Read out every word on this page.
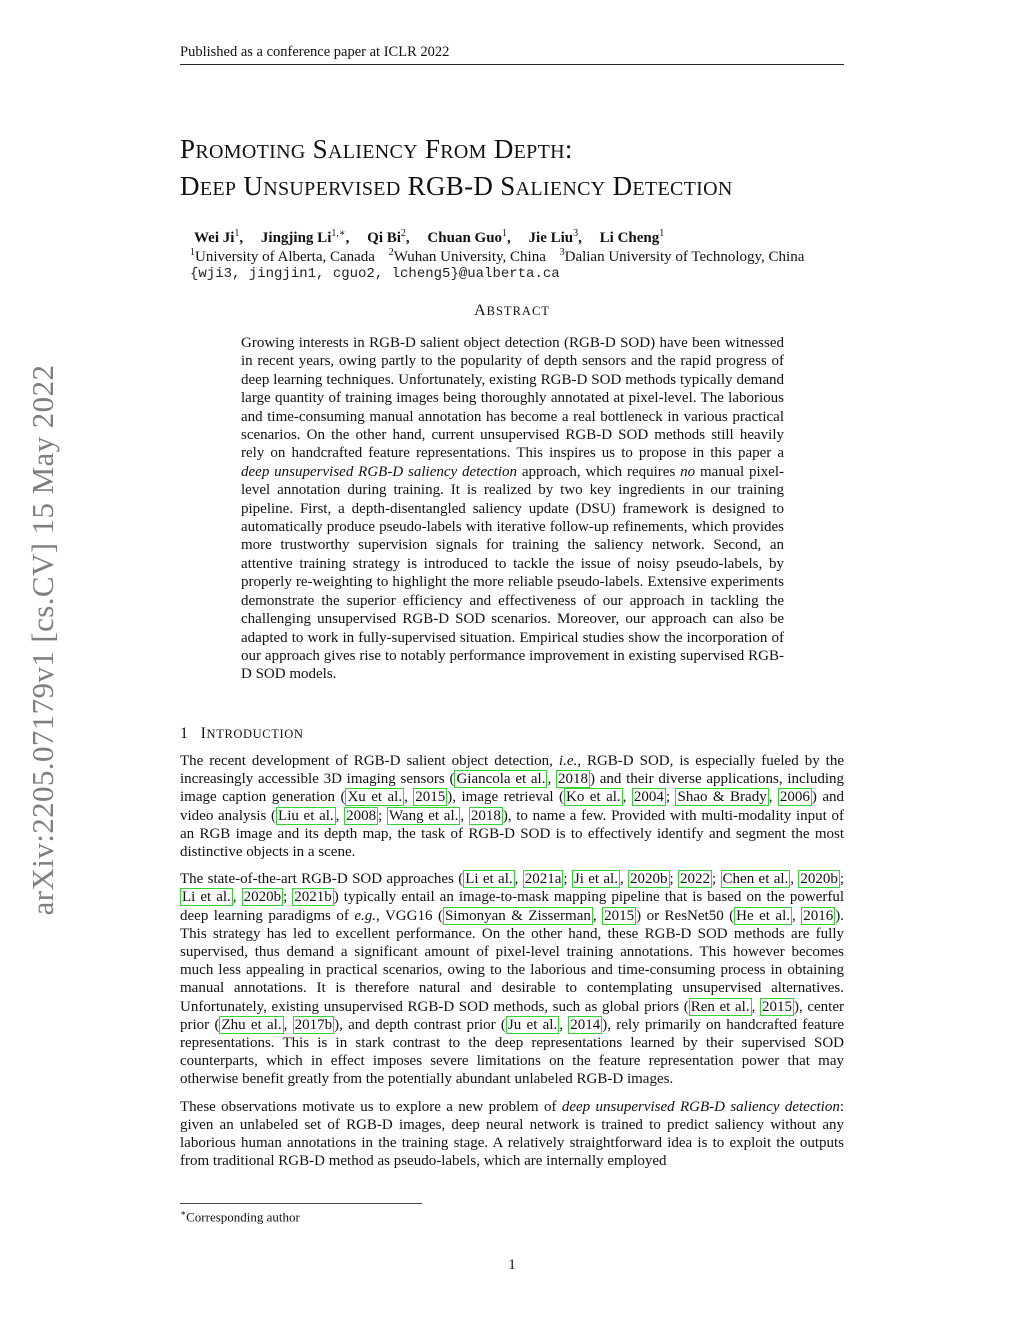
Published as a conference paper at ICLR 2022
arXiv:2205.07179v1 [cs.CV] 15 May 2022
PROMOTING SALIENCY FROM DEPTH:
DEEP UNSUPERVISED RGB-D SALIENCY DETECTION
Wei Ji$^1$, Jingjing $Li^{1,∗}$, Qi Bi$^2$, Chuan Guo$^1$, Jie Liu$^3$, Li Cheng$^1$
$^1$University of Alberta, Canada $^2$Wuhan University, China $^3$Dalian University of Technology, China
{wji3, jingjin1, cguo2, lcheng5}@ualberta.ca
ABSTRACT

Growing interests in RGB-D salient object detection (RGB-D SOD) have been witnessed in recent years, owing partly to the popularity of depth sensors and the rapid progress of deep learning techniques. Unfortunately, existing RGB-D SOD methods typically demand large quantity of training images being thoroughly annotated at pixel-level. The laborious and time-consuming manual annotation has become a real bottleneck in various practical scenarios. On the other hand, current unsupervised RGB-D SOD methods still heavily rely on handcrafted feature representations. This inspires us to propose in this paper a deep unsupervised RGB-D saliency detection approach, which requires no manual pixel-level annotation during training. It is realized by two key ingredients in our training pipeline. First, a depth-disentangled saliency update (DSU) framework is designed to automatically produce pseudo-labels with iterative follow-up refinements, which provides more trustworthy supervision signals for training the saliency network. Second, an attentive training strategy is introduced to tackle the issue of noisy pseudo-labels, by properly re-weighting to highlight the more reliable pseudo-labels. Extensive experiments demonstrate the superior efficiency and effectiveness of our approach in tackling the challenging unsupervised RGB-D SOD scenarios. Moreover, our approach can also be adapted to work in fully-supervised situation. Empirical studies show the incorporation of our approach gives rise to notably performance improvement in existing supervised RGB-D SOD models.

1 INTRODUCTION

The recent development of RGB-D salient object detection, i.e., RGB-D SOD, is especially fueled by the increasingly accessible 3D imaging sensors ( Giancola et al. , 2018 ) and their diverse applications, including image caption generation ( Xu et al. , 2015 ), image retrieval ( Ko et al. , 2004 ; Shao & Brady , 2006 ) and video analysis ( Liu et al. , 2008 ; Wang et al. , 2018 ), to name a few. Provided with multi-modality input of an RGB image and its depth map, the task of RGB-D SOD is to effectively identify and segment the most distinctive objects in a scene.

The state-of-the-art RGB-D SOD approaches ( Li et al. , 2021a ; Ji et al. , 2020b ; 2022 ; Chen et al. , 2020b ; Li et al. , 2020b ; 2021b ) typically entail an image-to-mask mapping pipeline that is based on the powerful deep learning paradigms of e.g., VGG16 ( Simonyan & Zisserman , 2015 ) or ResNet50 ( He et al. , 2016 ). This strategy has led to excellent performance. On the other hand, these RGB-D SOD methods are fully supervised, thus demand a significant amount of pixel-level training annotations. This however becomes much less appealing in practical scenarios, owing to the laborious and time-consuming process in obtaining manual annotations. It is therefore natural and desirable to contemplating unsupervised alternatives. Unfortunately, existing unsupervised RGB-D SOD methods, such as global priors ( Ren et al. , 2015 ), center prior ( Zhu et al. , 2017b ), and depth contrast prior ( Ju et al. , 2014 ), rely primarily on handcrafted feature representations. This is in stark contrast to the deep representations learned by their supervised SOD counterparts, which in effect imposes severe limitations on the feature representation power that may otherwise benefit greatly from the potentially abundant unlabeled RGB-D images.

These observations motivate us to explore a new problem of deep unsupervised RGB-D saliency detection: given an unlabeled set of RGB-D images, deep neural network is trained to predict saliency without any laborious human annotations in the training stage. A relatively straightforward idea is to exploit the outputs from traditional RGB-D method as pseudo-labels, which are internally employed

∗Corresponding author
1
